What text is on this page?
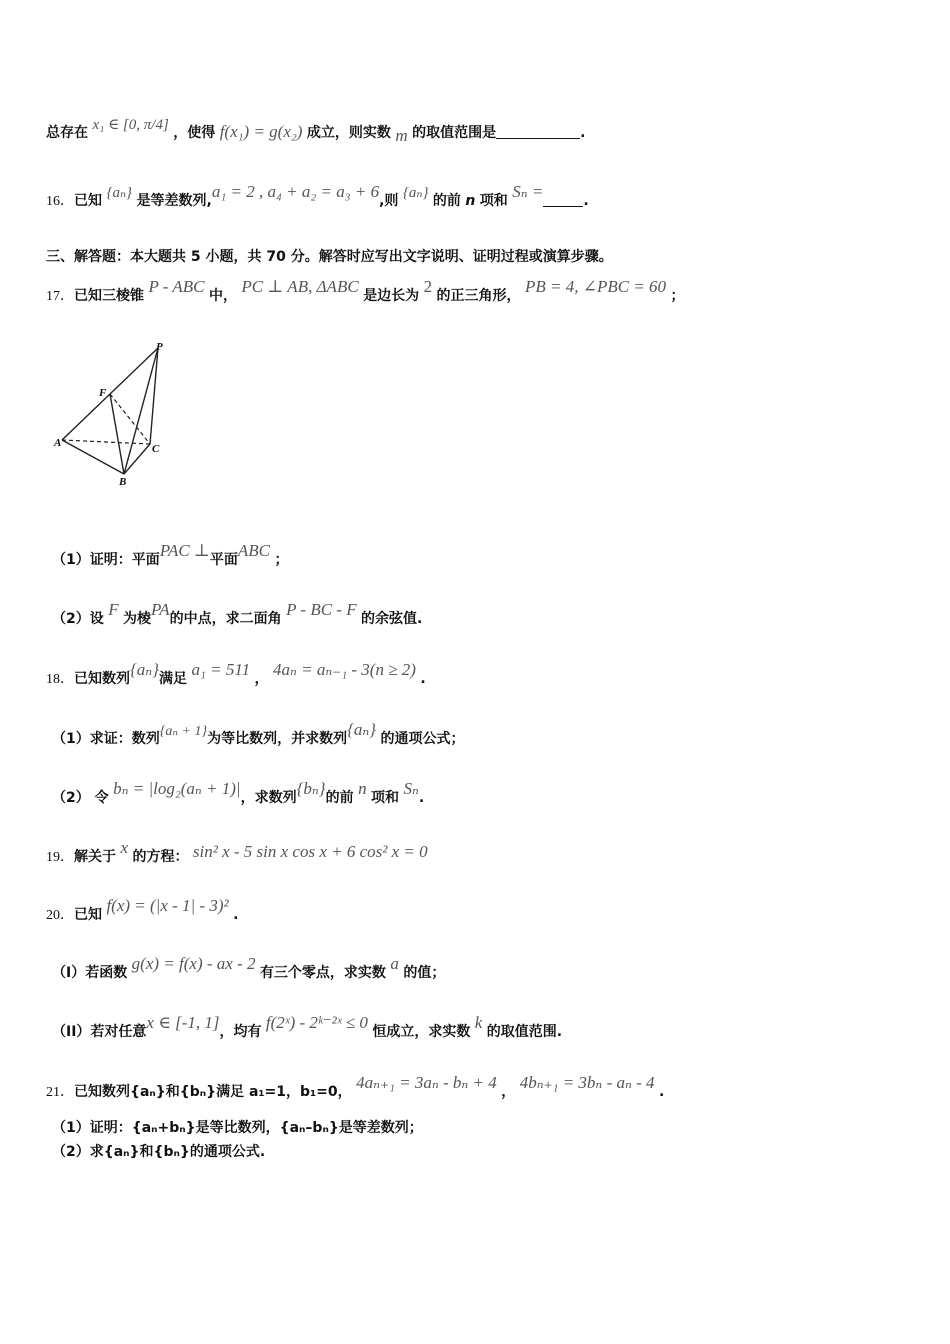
总存在 x₁ ∈ [0, π/4] ，使得 f(x₁) = g(x₂) 成立，则实数 m 的取值范围是	.
16．已知 {aₙ} 是等差数列,a₁ = 2 , a₄ + a₂ = a₃ + 6,则 {aₙ} 的前 n 项和 Sₙ =	.
三、解答题：本大题共 5 小题，共 70 分。解答时应写出文字说明、证明过程或演算步骤。
17．已知三棱锥 P - ABC 中， PC ⊥ AB, ΔABC 是边长为 2 的正三角形， PB = 4, ∠PBC = 60 ；
P
F
A	C
B
（1）证明：平面PAC ⊥平面ABC ；
（2）设 F 为棱PA的中点，求二面角 P - BC - F 的余弦值.
18．已知数列{aₙ}满足 a₁ = 511 ， 4aₙ = aₙ₋₁ - 3(n ≥ 2) .
（1）求证：数列{aₙ + 1}为等比数列，并求数列{aₙ} 的通项公式；
（2） 令 bₙ = |log₂(aₙ + 1)|，求数列{bₙ}的前 n 项和 Sₙ.
19．解关于 x 的方程： sin² x - 5 sin x cos x + 6 cos² x = 0
20．已知 f(x) = (|x - 1| - 3)² .
（I）若函数 g(x) = f(x) - ax - 2 有三个零点，求实数 a 的值；
（II）若对任意x ∈ [-1, 1]，均有 f(2ˣ) - 2ᵏ⁻²ˣ ≤ 0 恒成立，求实数 k 的取值范围.
21．已知数列{aₙ}和{bₙ}满足 a₁=1，b₁=0， 4aₙ₊₁ = 3aₙ - bₙ + 4 ， 4bₙ₊₁ = 3bₙ - aₙ - 4 .
（1）证明：{aₙ+bₙ}是等比数列，{aₙ–bₙ}是等差数列；
（2）求{aₙ}和{bₙ}的通项公式.
